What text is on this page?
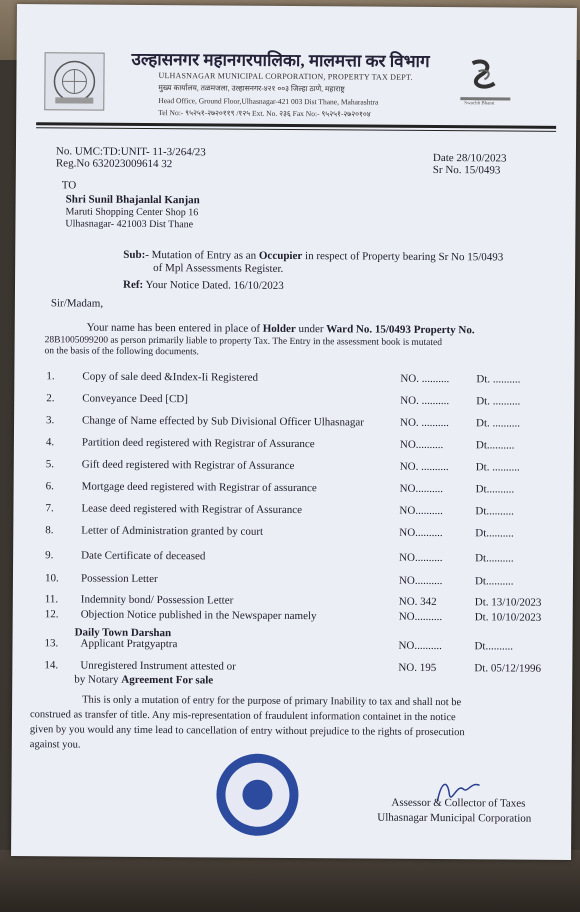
उल्हासनगर महानगरपालिका, मालमत्ता कर विभाग
ULHASNAGAR MUNICIPAL CORPORATION, PROPERTY TAX DEPT.
मुख्य कार्यालय, तळमजला, उल्हासनगर-४२१ ००३ जिल्हा ठाणे, महाराष्ट्र
Head Office, Ground Floor,Ulhasnagar-421 003 Dist Thane, Maharashtra
Tel No:- ९५२५१-२७२०११९ /१२५ Ext. No. २३६ Fax No:- ९५२५१-२७२०१०४
Swachh Bharat
No. UMC:TD:UNIT- 11-3/264/23
Reg.No 632023009614 32	Date 28/10/2023
Sr No. 15/0493
TO
Shri Sunil Bhajanlal Kanjan
Maruti Shopping Center Shop 16
Ulhasnagar- 421003 Dist Thane
Sub:- Mutation of Entry as an Occupier in respect of Property bearing Sr No 15/0493
of Mpl Assessments Register.
Ref: Your Notice Dated. 16/10/2023
Sir/Madam,
Your name has been entered in place of Holder under Ward No. 15/0493 Property No.
28B1005099200 as person primarily liable to property Tax. The Entry in the assessment book is mutated
on the basis of the following documents.
1.	Copy of sale deed &Index-Ii Registered	NO. .......... Dt. ..........
2.	Conveyance Deed [CD]	NO. .......... Dt. ..........
3.	Change of Name effected by Sub Divisional Officer Ulhasnagar	NO. .......... Dt. ..........
4.	Partition deed registered with Registrar of Assurance	NO..........	Dt..........
5.	Gift deed registered with Registrar of Assurance	NO. .......... Dt. ..........
6.	Mortgage deed registered with Registrar of assurance	NO..........	Dt..........
7.	Lease deed registered with Registrar of Assurance	NO..........	Dt..........
8.	Letter of Administration granted by court	NO..........	Dt..........
9.	Date Certificate of deceased	NO..........	Dt..........
10. Possession Letter	NO..........	Dt..........
11. Indemnity bond/ Possession Letter	NO. 342	Dt. 13/10/2023
12. Objection Notice published in the Newspaper namely	NO..........	Dt. 10/10/2023
13. Applicant Pratgyaptra	NO..........	Dt..........
14. Unregistered Instrument attested or	NO. 195	Dt. 05/12/1996
Daily Town Darshan
by Notary Agreement For sale
This is only a mutation of entry for the purpose of primary Inability to tax and shall not be
construed as transfer of title. Any mis-representation of fraudulent information containet in the notice
given by you would any time lead to cancellation of entry without prejudice to the rights of prosecution
against you.
Assessor & Collector of Taxes
Ulhasnagar Municipal Corporation
